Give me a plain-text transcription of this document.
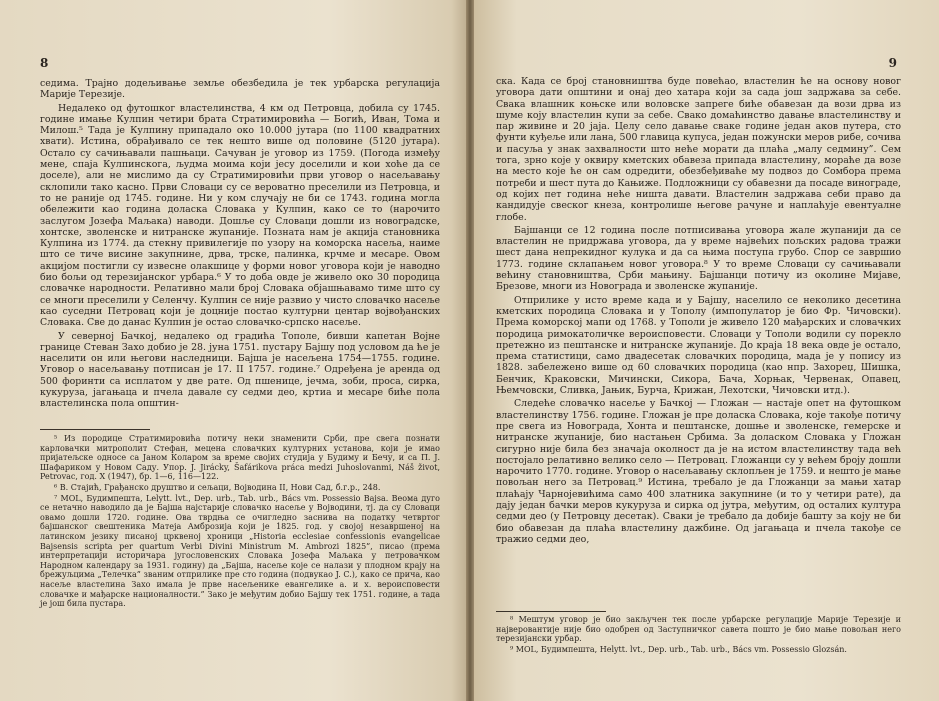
8

седима. Трајно додељивање земље обезбедила је тек урбарска регулација Марије Терезије.

Недалеко од футошког властелинства, 4 км од Петровца, добила су 1745. године имање Кулпин четири брата Стратимировића — Богић, Иван, Тома и Милош.⁵ Тада је Кулпину припадало око 10.000 јутара (по 1100 квадратних хвати). Истина, обрађивало се тек нешто више од половине (5120 јутара). Остало су сачињавали пашњаци. Сачуван је уговор из 1759. (Погода између мене, спаја Кулпинскога, људма моима који јесу доселили и кои хоће да се доселе), али не мислимо да су Стратимировићи први уговор о насељавању склопили тако касно. Први Словаци су се вероватно преселили из Петровца, и то не раније од 1745. године. Ни у ком случају не би се 1743. година могла обележити као година доласка Словака у Кулпин, како се то (нарочито заслугом Јозефа Маљака) наводи. Дошље су Словаци дошли из новоградске, хонтске, зволенске и нитранске жупаније. Позната нам је акција становника Кулпина из 1774. да стекну привилегије по узору на коморска насеља, наиме што се тиче висине закупнине, дрва, трске, палинка, крчме и месаре. Овом акцијом постигли су извесне олакшице у форми новог уговора који је наводно био бољи од терезијанског урбара.⁶ У то доба овде је живело око 30 породица словачке народности. Релативно мали број Словака објашњавамо тиме што су се многи преселили у Селенчу. Кулпин се није развио у чисто словачко насеље као суседни Петровац који је доцније постао културни центар војвођанских Словака. Све до данас Кулпин је остао словачко-српско насеље.

У северној Бачкој, недалеко од градића Тополе, бивши капетан Војне границе Стеван Захо добио је 28. јуна 1751. пустару Бајшу под условом да ће је населити он или његови наследници. Бајша је насељена 1754—1755. године. Уговор о насељавању потписан је 17. II 1757. године.⁷ Одређена је аренда од 500 форинти са исплатом у две рате. Од пшенице, јечма, зоби, проса, сирка, кукуруза, јагањаца и пчела давале су седми део, кртиа и месаре биће пола властелинска пола општин-

⁵ Из породице Стратимировића потичу неки знаменити Срби, пре свега познати карловачки митрополит Стефан, мецена словачких културних установа, који је имао пријатељске односе са Јаном Коларом за време својих студија у Будиму и Бечу, и са П. Ј. Шафариком у Новом Саду. Упор. J. Jirácky, Šafárikova práca medzi Juhoslovanmi, Náš život, Petrovac, год. X (1947), бр. 1—6, 116—122.

⁶ В. Стајић, Грађанско друштво и сељаци, Војводина II, Нови Сад, б.г.р., 248.

⁷ MOL, Будимпешта, Lelytt. lvt., Dep. urb., Tab. urb., Bács vm. Possessio Bajsa. Веома дуго се нетачно наводило да је Бајша најстарије словачко насеље у Војводини, тј. да су Словаци овамо дошли 1720. године. Ова тврдња се очигледно заснива на податку четвртог бајшанског свештеника Матеја Амброзија који је 1825. год. у својој незавршеној на латинском језику писаној црквеној хроници „Historia ecclesiae confessionis evangelicae Bajsensis scripta per quartum Verbi Divini Ministrum M. Ambrozi 1825”, писао (према интерпретацији историчара југословенских Словака Јозефа Маљака у петровачком Народном календару за 1931. годину) да „Бајша, насеље које се налази у плодном крају на брежуљцима „Телечка” званим отприлике пре сто година (подвукао J. C.), како се прича, као насеље властелина Захо имала је прве насељенике евангелике а. и х. вероисповести словачке и мађарске националности.” Зако је међутим добио Бајшу тек 1751. године, а тада је још била пустара.

9

ска. Када се број становништва буде повећао, властелин ће на основу новог уговора дати општини и онај део хатара који за сада још задржава за себе. Свака влашник коњске или воловске запреге биће обавезан да вози дрва из шуме коју властелин купи за себе. Свако домаћинство давање властелинству и пар живине и 20 јаја. Целу село давање сваке године један аков путера, сто фунти куђеље или лана, 500 главица купуса, један пожунски меров рибе, сочива и пасуља у знак захвалности што неће морати да плаћа „малу седмину”. Сем тога, зрно које у оквиру кметских обавеза припада властелину, мораће да возе на место које ће он сам одредити, обезбеђиваће му подвоз до Сомбора према потреби и шест пута до Кањиже. Подложници су обавезни да посаде винограде, од којих пет година неће ништа давати. Властелин задржава себи право да кандидује свеског кнеза, контролише његове рачуне и наплаћује евентуалне глобе.

Бајшанци се 12 година после потписивања уговора жале жупанији да се властелин не придржава уговора, да у време највећих пољских радова тражи шест дана непрекидног кулука и да са њима поступа грубо. Спор се завршио 1773. године склапањем новог уговора.⁸ У то време Словаци су сачињавали већину становништва, Срби мањину. Бајшанци потичу из околине Мијаве, Брезове, многи из Новограда и зволенске жупаније.

Отприлике у исто време када и у Бајшу, населило се неколико десетина кметских породица Словака и у Тополу (импопулатор је био Фр. Чичовски). Према коморској мапи од 1768. у Тополи је живело 120 мађарских и словачких породица римокатоличке вероисповести. Словаци у Тополи водили су порекло претежно из пештанске и нитранске жупаније. До краја 18 века овде је остало, према статистици, само двадесетак словачких породица, мада је у попису из 1828. забележено више од 60 словачких породица (као нпр. Захореџ, Шишка, Бенчик, Краковски, Мичински, Сикора, Бача, Хорњак, Червенак, Опавец, Њемчовски, Сливка, Јањик, Бурча, Крижан, Лехотски, Чичовски итд.).

Следеће словачко насеље у Бачкој — Гложан — настаје опет на футошком властелинству 1756. године. Гложан је пре доласка Словака, које такође потичу пре свега из Новограда, Хонта и пештанске, дошње и зволенске, гемерске и нитранске жупаније, био настањен Србима. За доласком Словака у Гложан сигурно није била без значаја околност да је на истом властелинству тада већ постојало релативно велико село — Петровац. Гложанци су у већем броју дошли нарочито 1770. године. Уговор о насељавању склопљен је 1759. и нешто је мање повољан него за Петровац.⁹ Истина, требало је да Гложанци за мањи хатар плаћају Чарнојевићима само 400 златника закупнине (и то у четири рате), да дају један бачки меров кукуруза и сирка од јутра, међутим, од осталих култура седми део (у Петровцу десетак). Сваки је требало да добије башту за коју не би био обавезан да плаћа властелину дажбине. Од јагањаца и пчела такође се тражио седми део,

⁸ Мештум уговор је био закључен тек после урбарске регулације Марије Терезије и најверовантије није био одобрен од Заступничког савета пошто је био мање повољан него терезијански урбар.

⁹ MOL, Будимпешта, Helytt. lvt., Dep. urb., Tab. urb., Bács vm. Possessio Glozsán.
